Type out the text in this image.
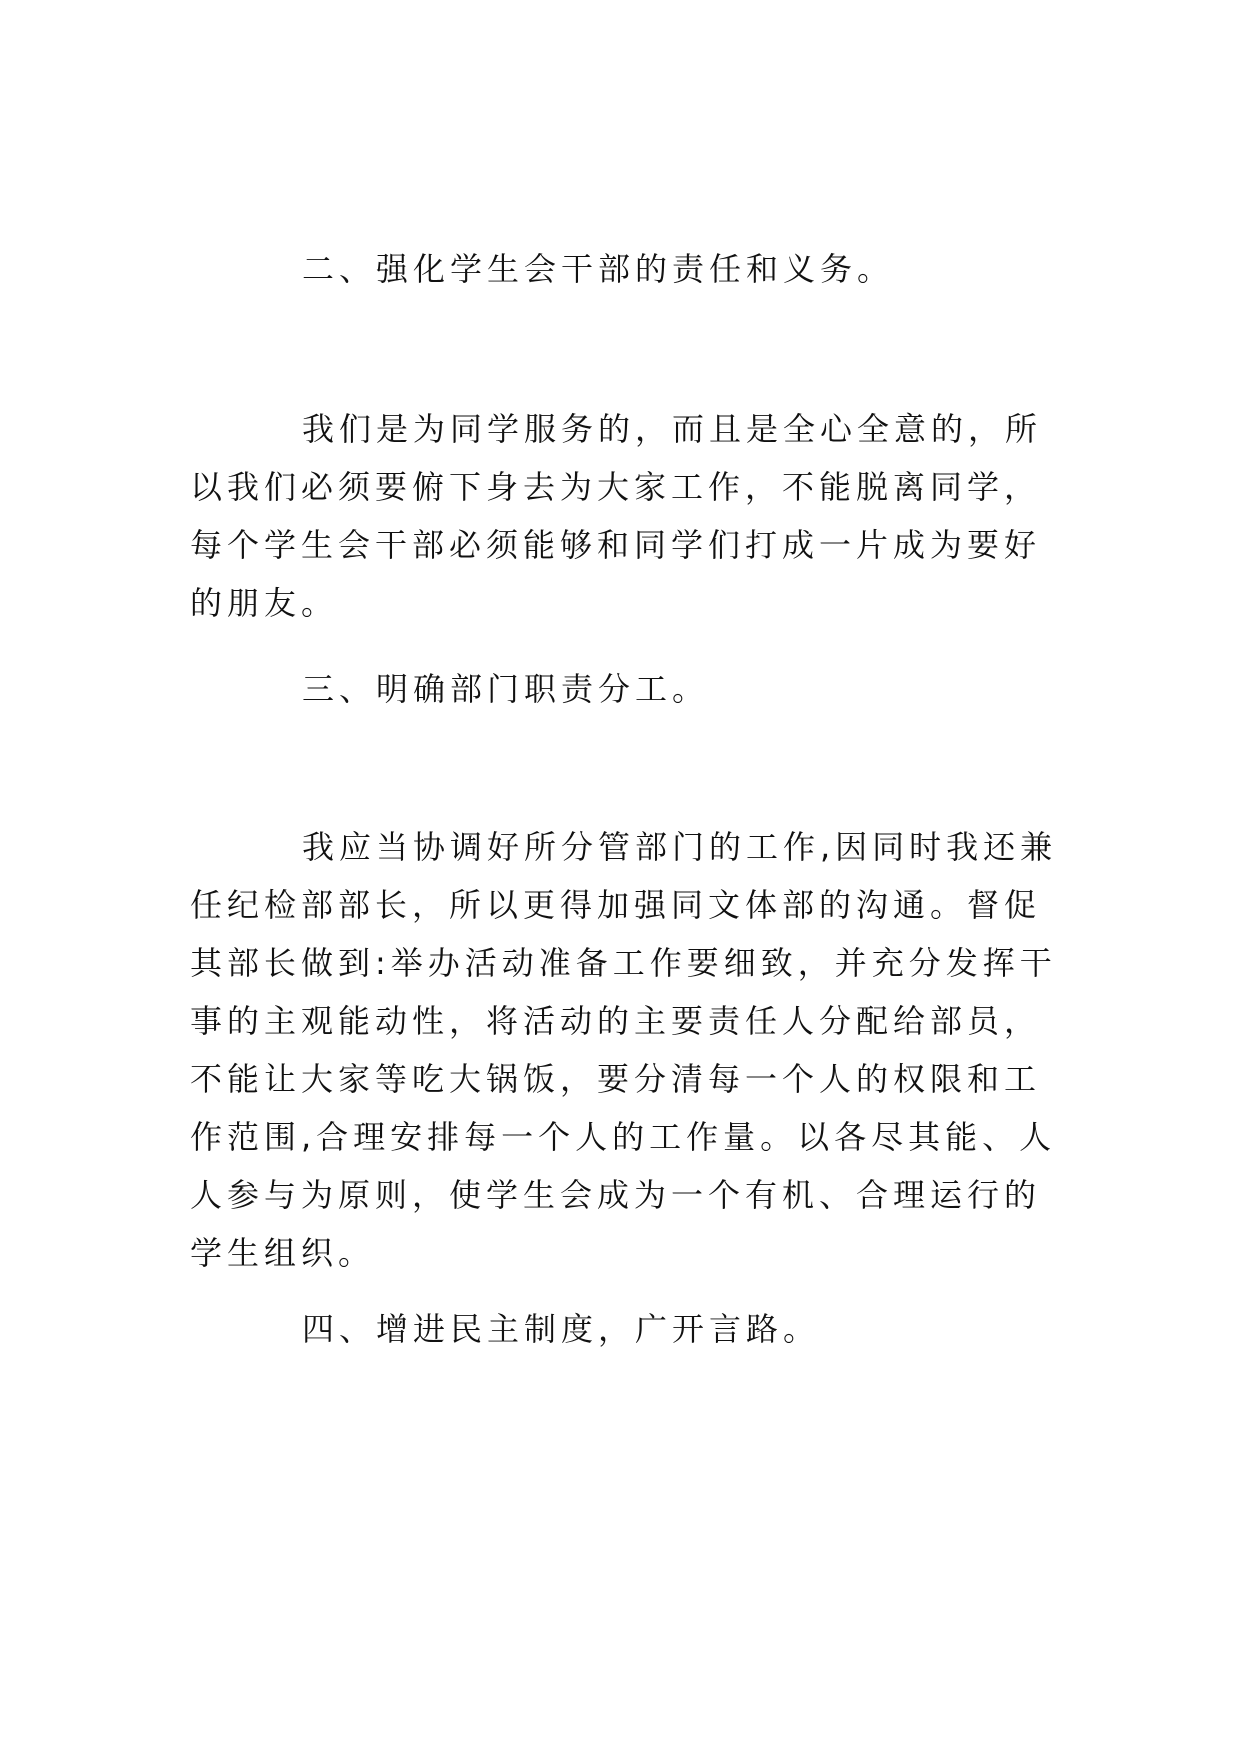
二、强化学生会干部的责任和义务。

我们是为同学服务的，而且是全心全意的，所以我们必须要俯下身去为大家工作，不能脱离同学，每个学生会干部必须能够和同学们打成一片成为要好的朋友。

三、明确部门职责分工。

我应当协调好所分管部门的工作,因同时我还兼任纪检部部长，所以更得加强同文体部的沟通。督促其部长做到:举办活动准备工作要细致，并充分发挥干事的主观能动性，将活动的主要责任人分配给部员，不能让大家等吃大锅饭，要分清每一个人的权限和工作范围,合理安排每一个人的工作量。以各尽其能、人人参与为原则，使学生会成为一个有机、合理运行的学生组织。

四、增进民主制度，广开言路。
